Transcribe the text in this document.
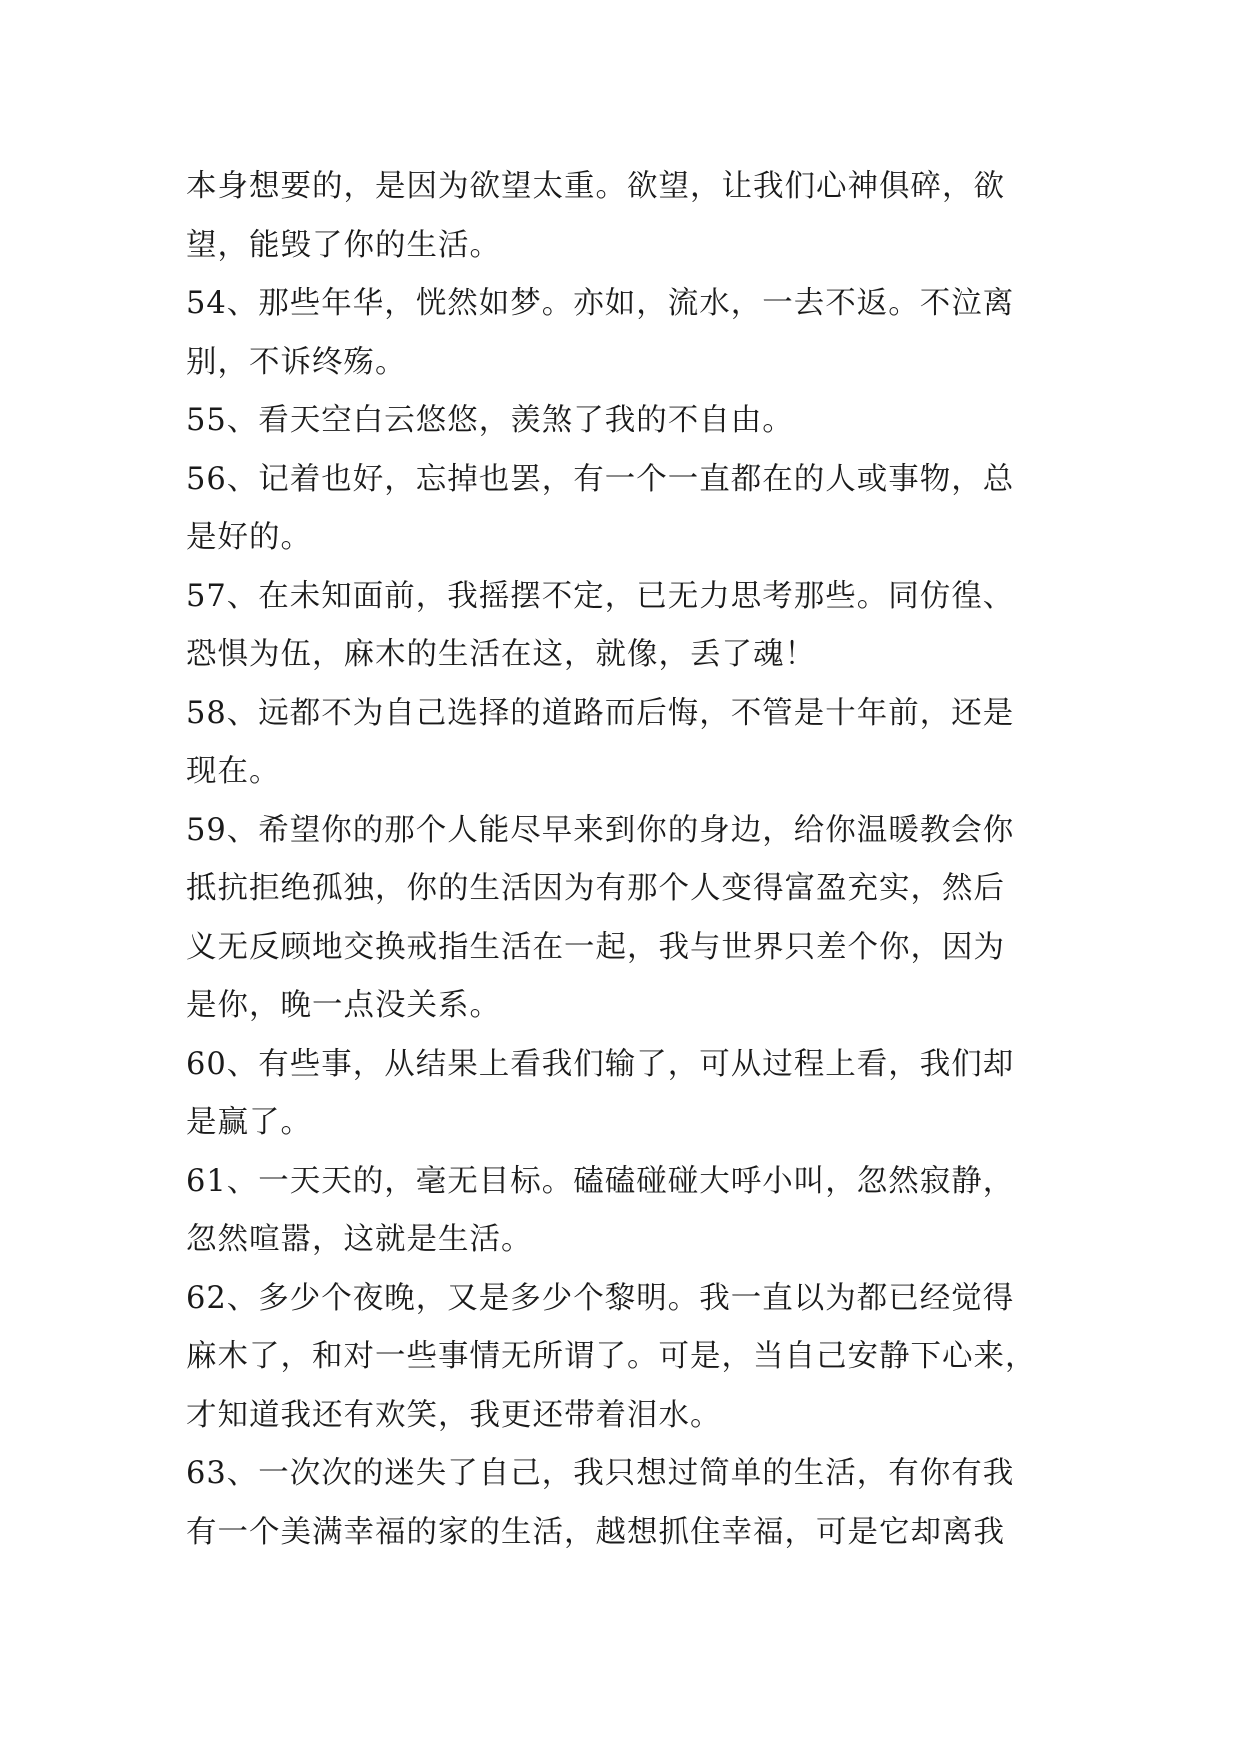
本身想要的，是因为欲望太重。欲望，让我们心神俱碎，欲
望，能毁了你的生活。
54、那些年华，恍然如梦。亦如，流水，一去不返。不泣离
别，不诉终殇。
55、看天空白云悠悠，羡煞了我的不自由。
56、记着也好，忘掉也罢，有一个一直都在的人或事物，总
是好的。
57、在未知面前，我摇摆不定，已无力思考那些。同仿徨、
恐惧为伍，麻木的生活在这，就像，丢了魂！
58、远都不为自己选择的道路而后悔，不管是十年前，还是
现在。
59、希望你的那个人能尽早来到你的身边，给你温暖教会你
抵抗拒绝孤独，你的生活因为有那个人变得富盈充实，然后
义无反顾地交换戒指生活在一起，我与世界只差个你，因为
是你，晚一点没关系。
60、有些事，从结果上看我们输了，可从过程上看，我们却
是赢了。
61、一天天的，毫无目标。磕磕碰碰大呼小叫，忽然寂静，
忽然喧嚣，这就是生活。
62、多少个夜晚，又是多少个黎明。我一直以为都已经觉得
麻木了，和对一些事情无所谓了。可是，当自己安静下心来，
才知道我还有欢笑，我更还带着泪水。
63、一次次的迷失了自己，我只想过简单的生活，有你有我
有一个美满幸福的家的生活，越想抓住幸福，可是它却离我
